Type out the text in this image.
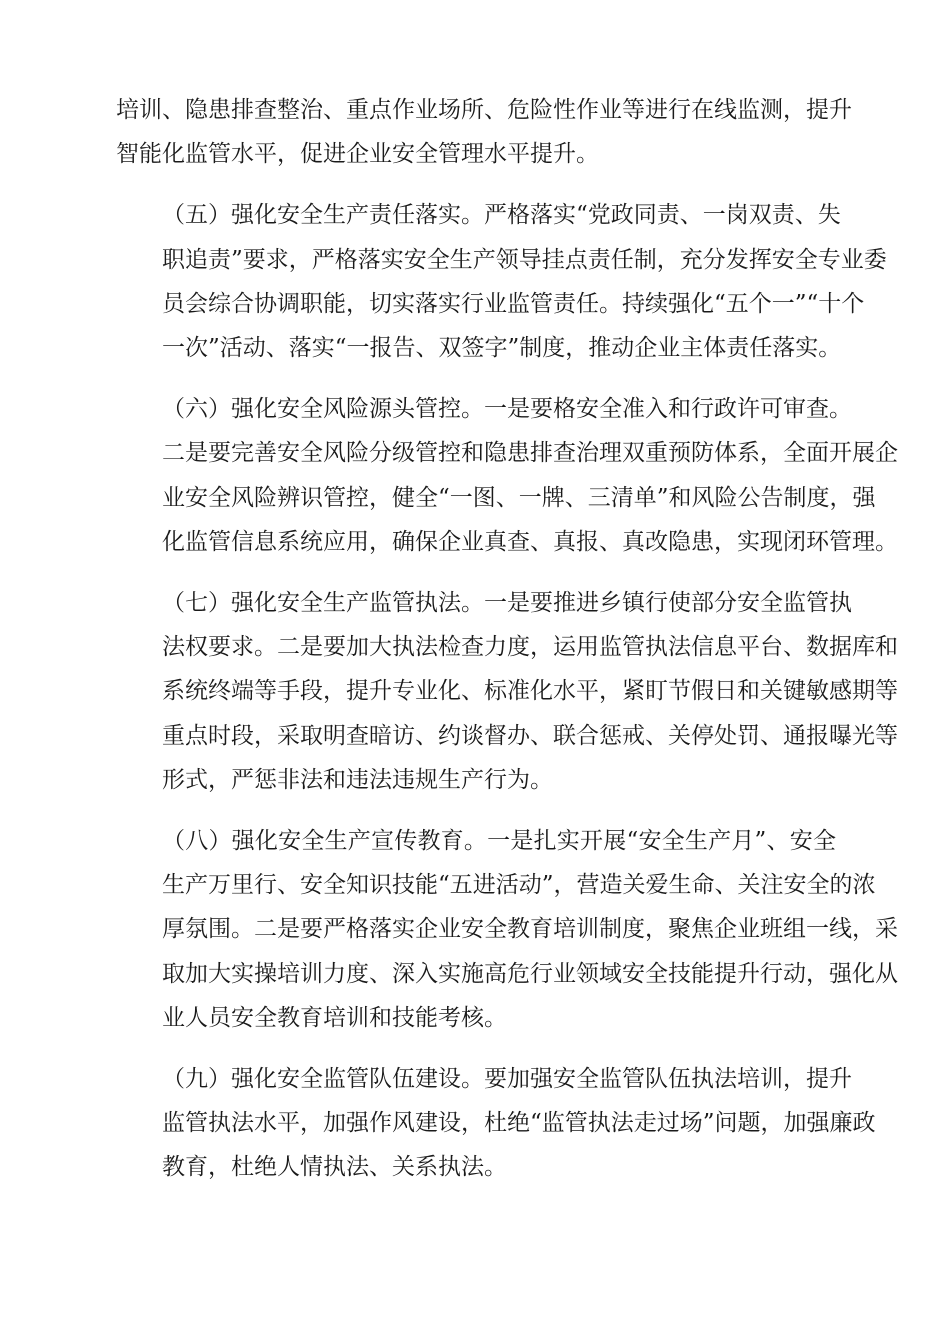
培训、隐患排查整治、重点作业场所、危险性作业等进行在线监测，提升
智能化监管水平，促进企业安全管理水平提升。

（五）强化安全生产责任落实。严格落实“党政同责、一岗双责、失
职追责”要求，严格落实安全生产领导挂点责任制，充分发挥安全专业委
员会综合协调职能，切实落实行业监管责任。持续强化“五个一”“十个
一次”活动、落实“一报告、双签字”制度，推动企业主体责任落实。

（六）强化安全风险源头管控。一是要格安全准入和行政许可审查。
二是要完善安全风险分级管控和隐患排查治理双重预防体系，全面开展企
业安全风险辨识管控，健全“一图、一牌、三清单”和风险公告制度，强
化监管信息系统应用，确保企业真查、真报、真改隐患，实现闭环管理。

（七）强化安全生产监管执法。一是要推进乡镇行使部分安全监管执
法权要求。二是要加大执法检查力度，运用监管执法信息平台、数据库和
系统终端等手段，提升专业化、标准化水平，紧盯节假日和关键敏感期等
重点时段，采取明查暗访、约谈督办、联合惩戒、关停处罚、通报曝光等
形式，严惩非法和违法违规生产行为。

（八）强化安全生产宣传教育。一是扎实开展“安全生产月”、安全
生产万里行、安全知识技能“五进活动”，营造关爱生命、关注安全的浓
厚氛围。二是要严格落实企业安全教育培训制度，聚焦企业班组一线，采
取加大实操培训力度、深入实施高危行业领域安全技能提升行动，强化从
业人员安全教育培训和技能考核。

（九）强化安全监管队伍建设。要加强安全监管队伍执法培训，提升
监管执法水平，加强作风建设，杜绝“监管执法走过场”问题，加强廉政
教育，杜绝人情执法、关系执法。
